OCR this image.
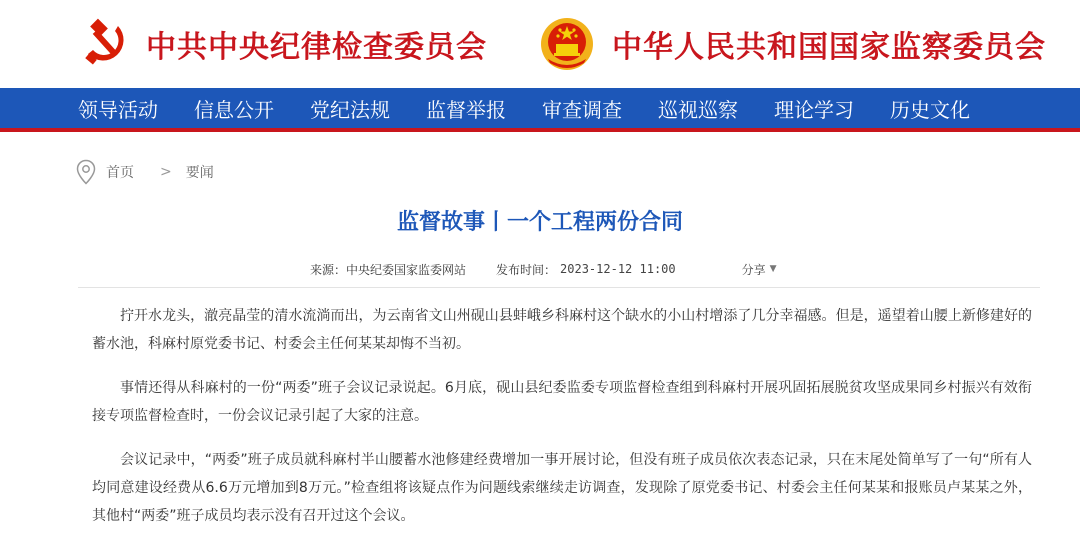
中共中央纪律检查委员会	中华人民共和国国家监察委员会
领导活动 信息公开 党纪法规 监督举报 审查调查 巡视巡察 理论学习 历史文化
首页 > 要闻
监督故事丨一个工程两份合同
来源：中央纪委国家监委网站	发布时间： 2023-12-12 11:00	分享 ▼

拧开水龙头，澈亮晶莹的清水流淌而出，为云南省文山州砚山县蚌峨乡科麻村这个缺水的小山村增添了几分幸福感。但是，遥望着山腰上新修建好的蓄水池，科麻村原党委书记、村委会主任何某某却悔不当初。

事情还得从科麻村的一份“两委”班子会议记录说起。6月底，砚山县纪委监委专项监督检查组到科麻村开展巩固拓展脱贫攻坚成果同乡村振兴有效衔接专项监督检查时，一份会议记录引起了大家的注意。

会议记录中，“两委”班子成员就科麻村半山腰蓄水池修建经费增加一事开展讨论，但没有班子成员依次表态记录，只在末尾处简单写了一句“所有人均同意建设经费从6.6万元增加到8万元。”检查组将该疑点作为问题线索继续走访调查，发现除了原党委书记、村委会主任何某某和报账员卢某某之外，其他村“两委”班子成员均表示没有召开过这个会议。
